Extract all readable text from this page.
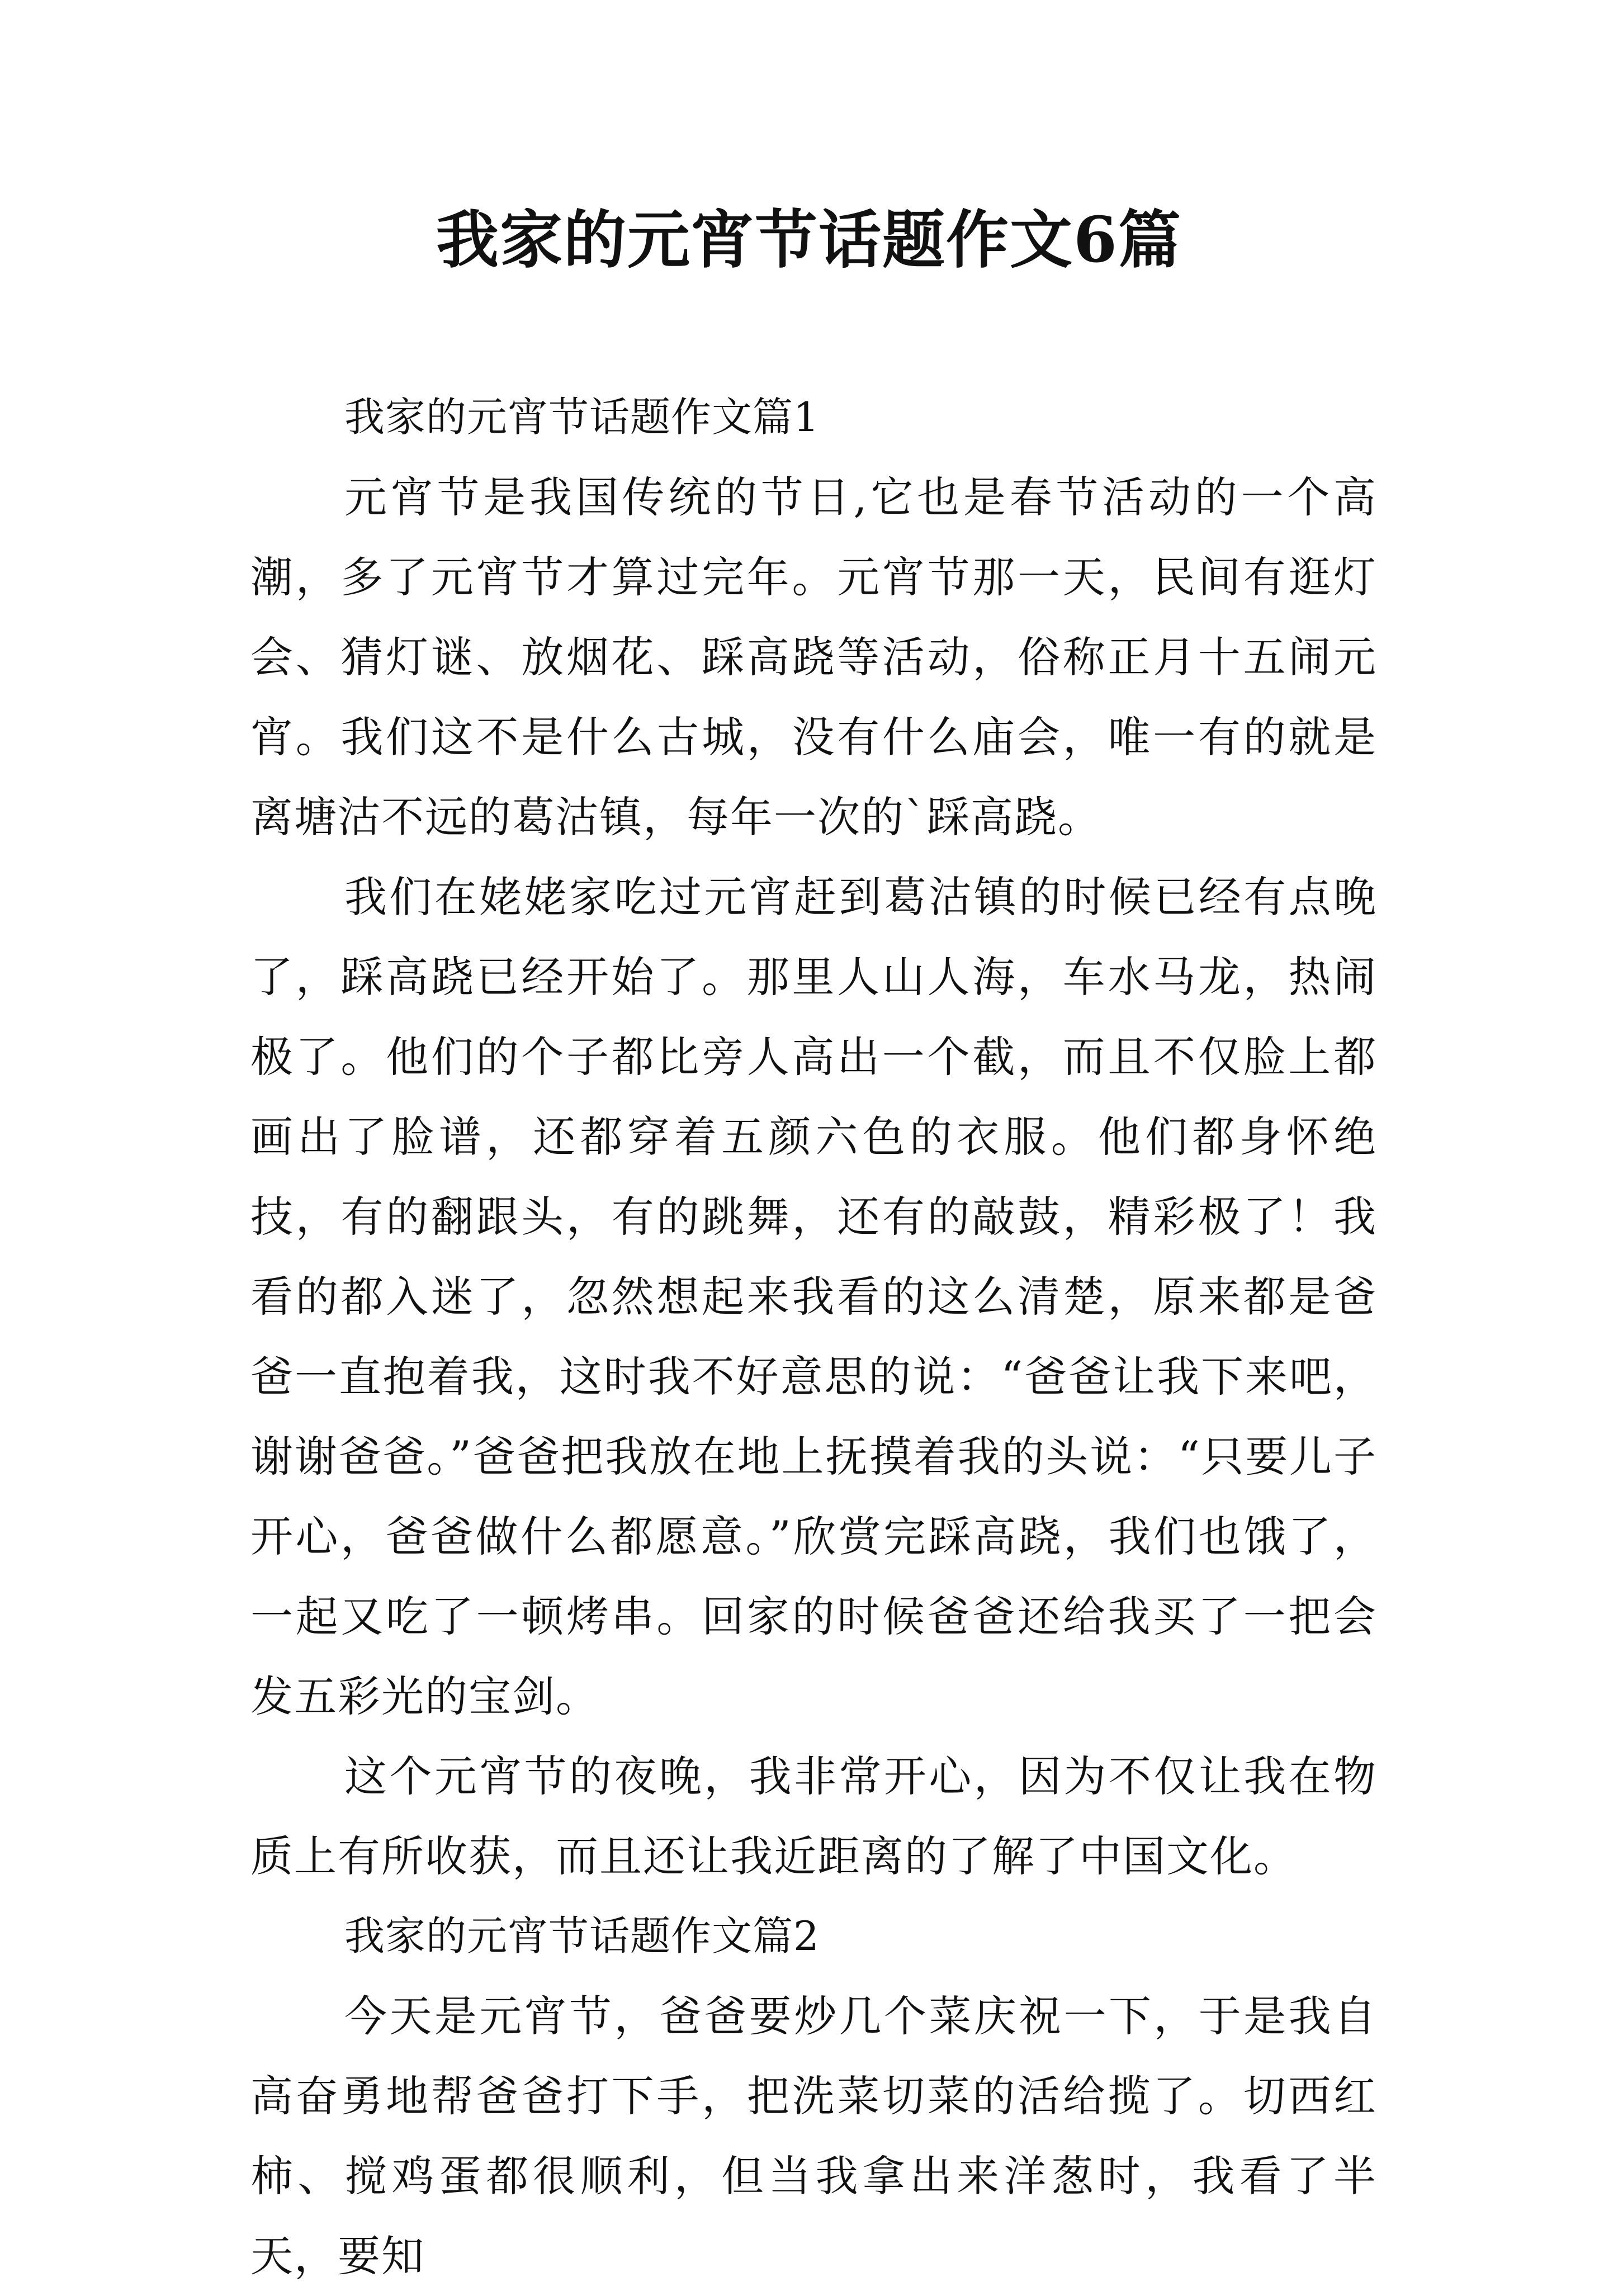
我家的元宵节话题作文6篇

我家的元宵节话题作文篇1

元宵节是我国传统的节日,它也是春节活动的一个高潮，多了元宵节才算过完年。元宵节那一天，民间有逛灯会、猜灯谜、放烟花、踩高跷等活动，俗称正月十五闹元宵。我们这不是什么古城，没有什么庙会，唯一有的就是离塘沽不远的葛沽镇，每年一次的`踩高跷。

我们在姥姥家吃过元宵赶到葛沽镇的时候已经有点晚了，踩高跷已经开始了。那里人山人海，车水马龙，热闹极了。他们的个子都比旁人高出一个截，而且不仅脸上都画出了脸谱，还都穿着五颜六色的衣服。他们都身怀绝技，有的翻跟头，有的跳舞，还有的敲鼓，精彩极了！我看的都入迷了，忽然想起来我看的这么清楚，原来都是爸爸一直抱着我，这时我不好意思的说：“爸爸让我下来吧，谢谢爸爸。”爸爸把我放在地上抚摸着我的头说：“只要儿子开心，爸爸做什么都愿意。”欣赏完踩高跷，我们也饿了，一起又吃了一顿烤串。回家的时候爸爸还给我买了一把会发五彩光的宝剑。

这个元宵节的夜晚，我非常开心，因为不仅让我在物质上有所收获，而且还让我近距离的了解了中国文化。

我家的元宵节话题作文篇2

今天是元宵节，爸爸要炒几个菜庆祝一下，于是我自高奋勇地帮爸爸打下手，把洗菜切菜的活给揽了。切西红柿、搅鸡蛋都很顺利，但当我拿出来洋葱时，我看了半天，要知
